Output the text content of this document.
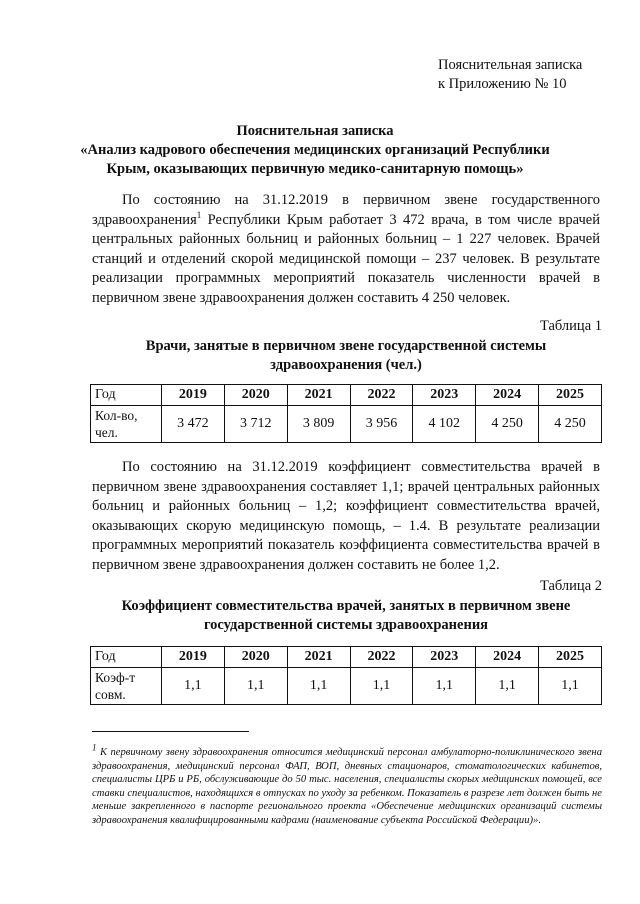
Пояснительная записка
к Приложению № 10
Пояснительная записка
«Анализ кадрового обеспечения медицинских организаций Республики
Крым, оказывающих первичную медико-санитарную помощь»
По состоянию на 31.12.2019 в первичном звене государственного здравоохранения$^1$ Республики Крым работает 3 472 врача, в том числе врачей центральных районных больниц и районных больниц – 1 227 человек. Врачей станций и отделений скорой медицинской помощи – 237 человек. В результате реализации программных мероприятий показатель численности врачей в первичном звене здравоохранения должен составить 4 250 человек.
Таблица 1
Врачи, занятые в первичном звене государственной системы
здравоохранения (чел.)
Год	2019	2020	2021	2022	2023	2024	2025
Кол-во,
чел.	3 472	3 712	3 809	3 956	4 102	4 250	4 250
По состоянию на 31.12.2019 коэффициент совместительства врачей в первичном звене здравоохранения составляет 1,1; врачей центральных районных больниц и районных больниц – 1,2; коэффициент совместительства врачей, оказывающих скорую медицинскую помощь, – 1.4. В результате реализации программных мероприятий показатель коэффициента совместительства врачей в первичном звене здравоохранения должен составить не более 1,2.
Таблица 2
Коэффициент совместительства врачей, занятых в первичном звене
государственной системы здравоохранения
Год	2019	2020	2021	2022	2023	2024	2025
Коэф-т
совм.	1,1	1,1	1,1	1,1	1,1	1,1	1,1
$^1$ К первичному звену здравоохранения относится медицинский персонал амбулаторно-поликлинического звена здравоохранения, медицинский персонал ФАП, ВОП, дневных стационаров, стоматологических кабинетов, специалисты ЦРБ и РБ, обслуживающие до 50 тыс. населения, специалисты скорых медицинских помощей, все ставки специалистов, находящихся в отпусках по уходу за ребенком. Показатель в разрезе лет должен быть не меньше закрепленного в паспорте регионального проекта «Обеспечение медицинских организаций системы здравоохранения квалифицированными кадрами (наименование субъекта Российской Федерации)».
